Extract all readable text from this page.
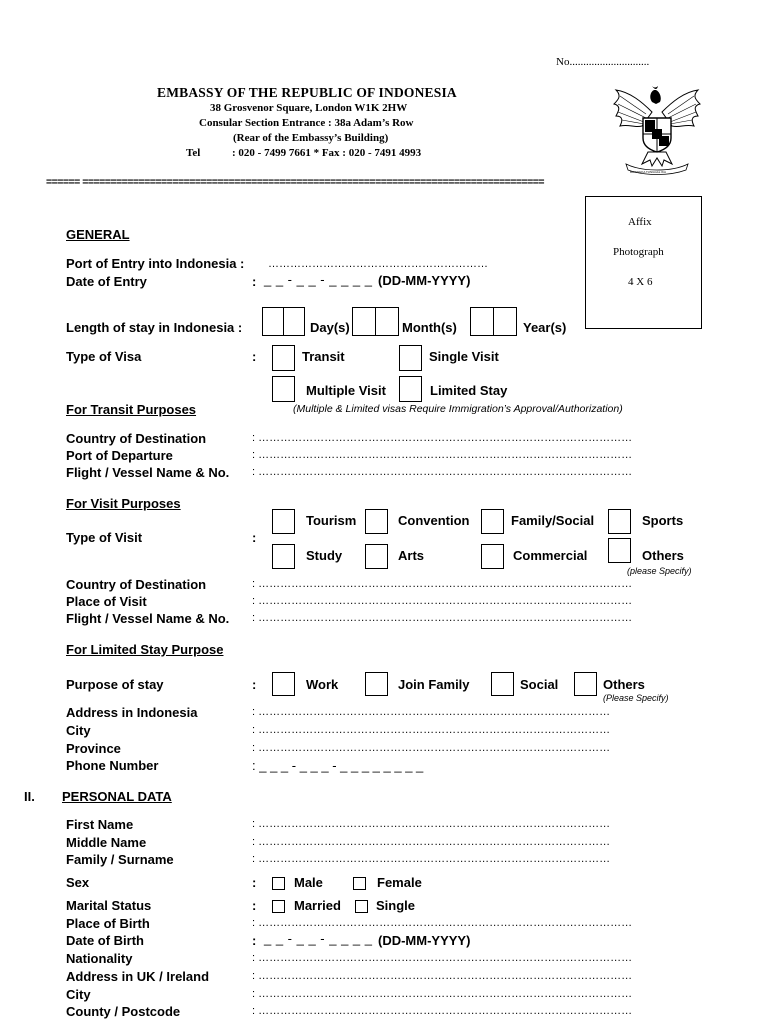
No.............................
EMBASSY OF THE REPUBLIC OF INDONESIA
38 Grosvenor Square, London W1K 2HW
Consular Section Entrance : 38a Adam’s Row
(Rear of the Embassy’s Building)
Tel	: 020 - 7499 7661 * Fax : 020 - 7491 4993
BHINNEKA TUNGGAL IKA
====== ==================================================================================
Affix
Photograph
4 X 6
GENERAL
Port of Entry into Indonesia : ……………………………………………………
Date of Entry	: _ _ - _ _ - _ _ _ _ (DD-MM-YYYY)
Length of stay in Indonesia :	Day(s)	Month(s)	Year(s)
Type of Visa	:	Transit	Single Visit
Multiple Visit	Limited Stay
For Transit Purposes	(Multiple & Limited visas Require Immigration’s Approval/Authorization)
Country of Destination	: …………………………………………………………………………………………
Port of Departure	: …………………………………………………………………………………………
Flight / Vessel Name & No. : …………………………………………………………………………………………
For Visit Purposes
Type of Visit	:
Tourism	Convention	Family/Social	Sports
Study	Arts	Commercial	Others
(please Specify)
Country of Destination	: …………………………………………………………………………………………
Place of Visit	: …………………………………………………………………………………………
Flight / Vessel Name & No. : …………………………………………………………………………………………
For Limited Stay Purpose
Purpose of stay	:	Work	Join Family	Social	Others
(Please Specify)
Address in Indonesia	: ……………………………………………………………………………………
City	: ……………………………………………………………………………………
Province	: ……………………………………………………………………………………
Phone Number	: _ _ _ - _ _ _ - _ _ _ _ _ _ _ _
II. PERSONAL DATA
First Name	: ……………………………………………………………………………………
Middle Name	: ……………………………………………………………………………………
Family / Surname	: ……………………………………………………………………………………
Sex	:	Male	Female
Marital Status	:	Married	Single
Place of Birth	: …………………………………………………………………………………………
Date of Birth	: _ _ - _ _ - _ _ _ _ (DD-MM-YYYY)
Nationality	: …………………………………………………………………………………………
Address in UK / Ireland	: …………………………………………………………………………………………
City	: …………………………………………………………………………………………
County / Postcode	: …………………………………………………………………………………………
